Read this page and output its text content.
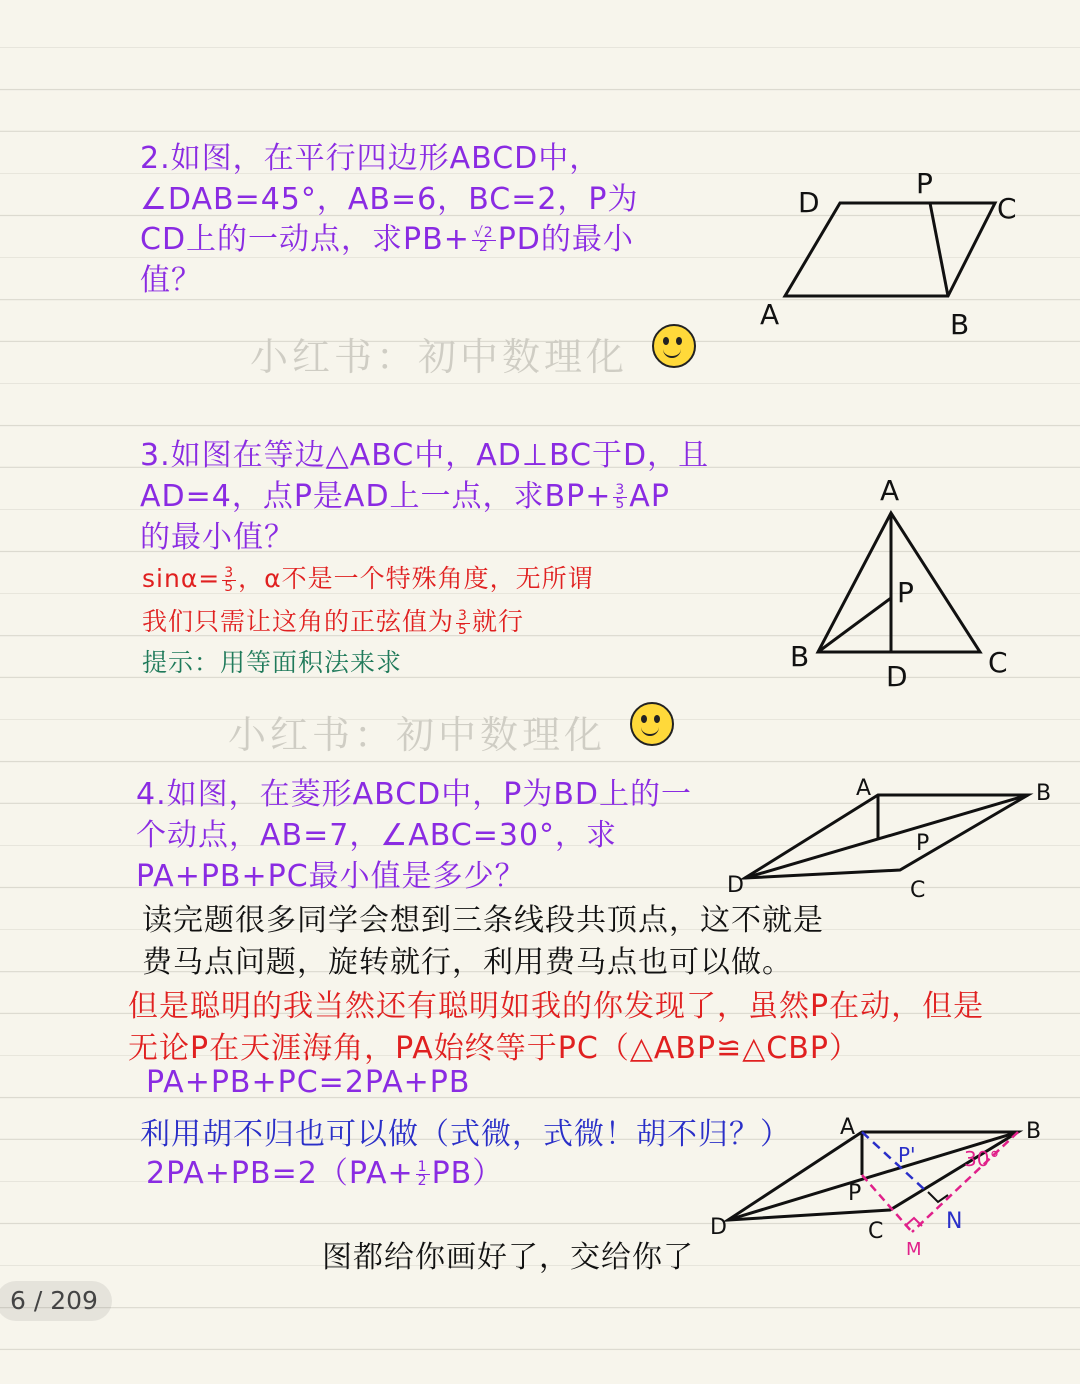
2.如图，在平行四边形ABCD中，
∠DAB=45°，AB=6，BC=2，P为
CD上的一动点，求$PB+ \frac{√2}{2}$ PD的最小
值？
D
P
C
A	B
小红书：初中数理化
3.如图在等边△ABC中，AD⊥BC于D，且
AD=4，点P是AD上一点，求$BP+ \frac{3}{5}$ AP
的最小值？
$\sin\alpha= \frac{3}{5}$ ，α不是一个特殊角度，无所谓
我们只需让这角的正弦值为 $\frac{3}{5}$ 就行
提示：用等面积法来求
A
P
B
D	C
小红书：初中数理化
4.如图，在菱形ABCD中，P为BD上的一
个动点，AB=7，∠ABC=30°，求
PA+PB+PC最小值是多少？
A	B
P
D	C
读完题很多同学会想到三条线段共顶点，这不就是
费马点问题，旋转就行，利用费马点也可以做。
但是聪明的我当然还有聪明如我的你发现了，虽然P在动，但是
无论P在天涯海角，PA始终等于PC（△ABP≌△CBP）
PA+PB+PC=2PA+PB
利用胡不归也可以做（式微，式微！胡不归？）
$2PA+PB=2(PA+ \frac{1}{2} PB)$
A	B
P'
P
30°
D	C
M
N
图都给你画好了，交给你了
6 / 209
